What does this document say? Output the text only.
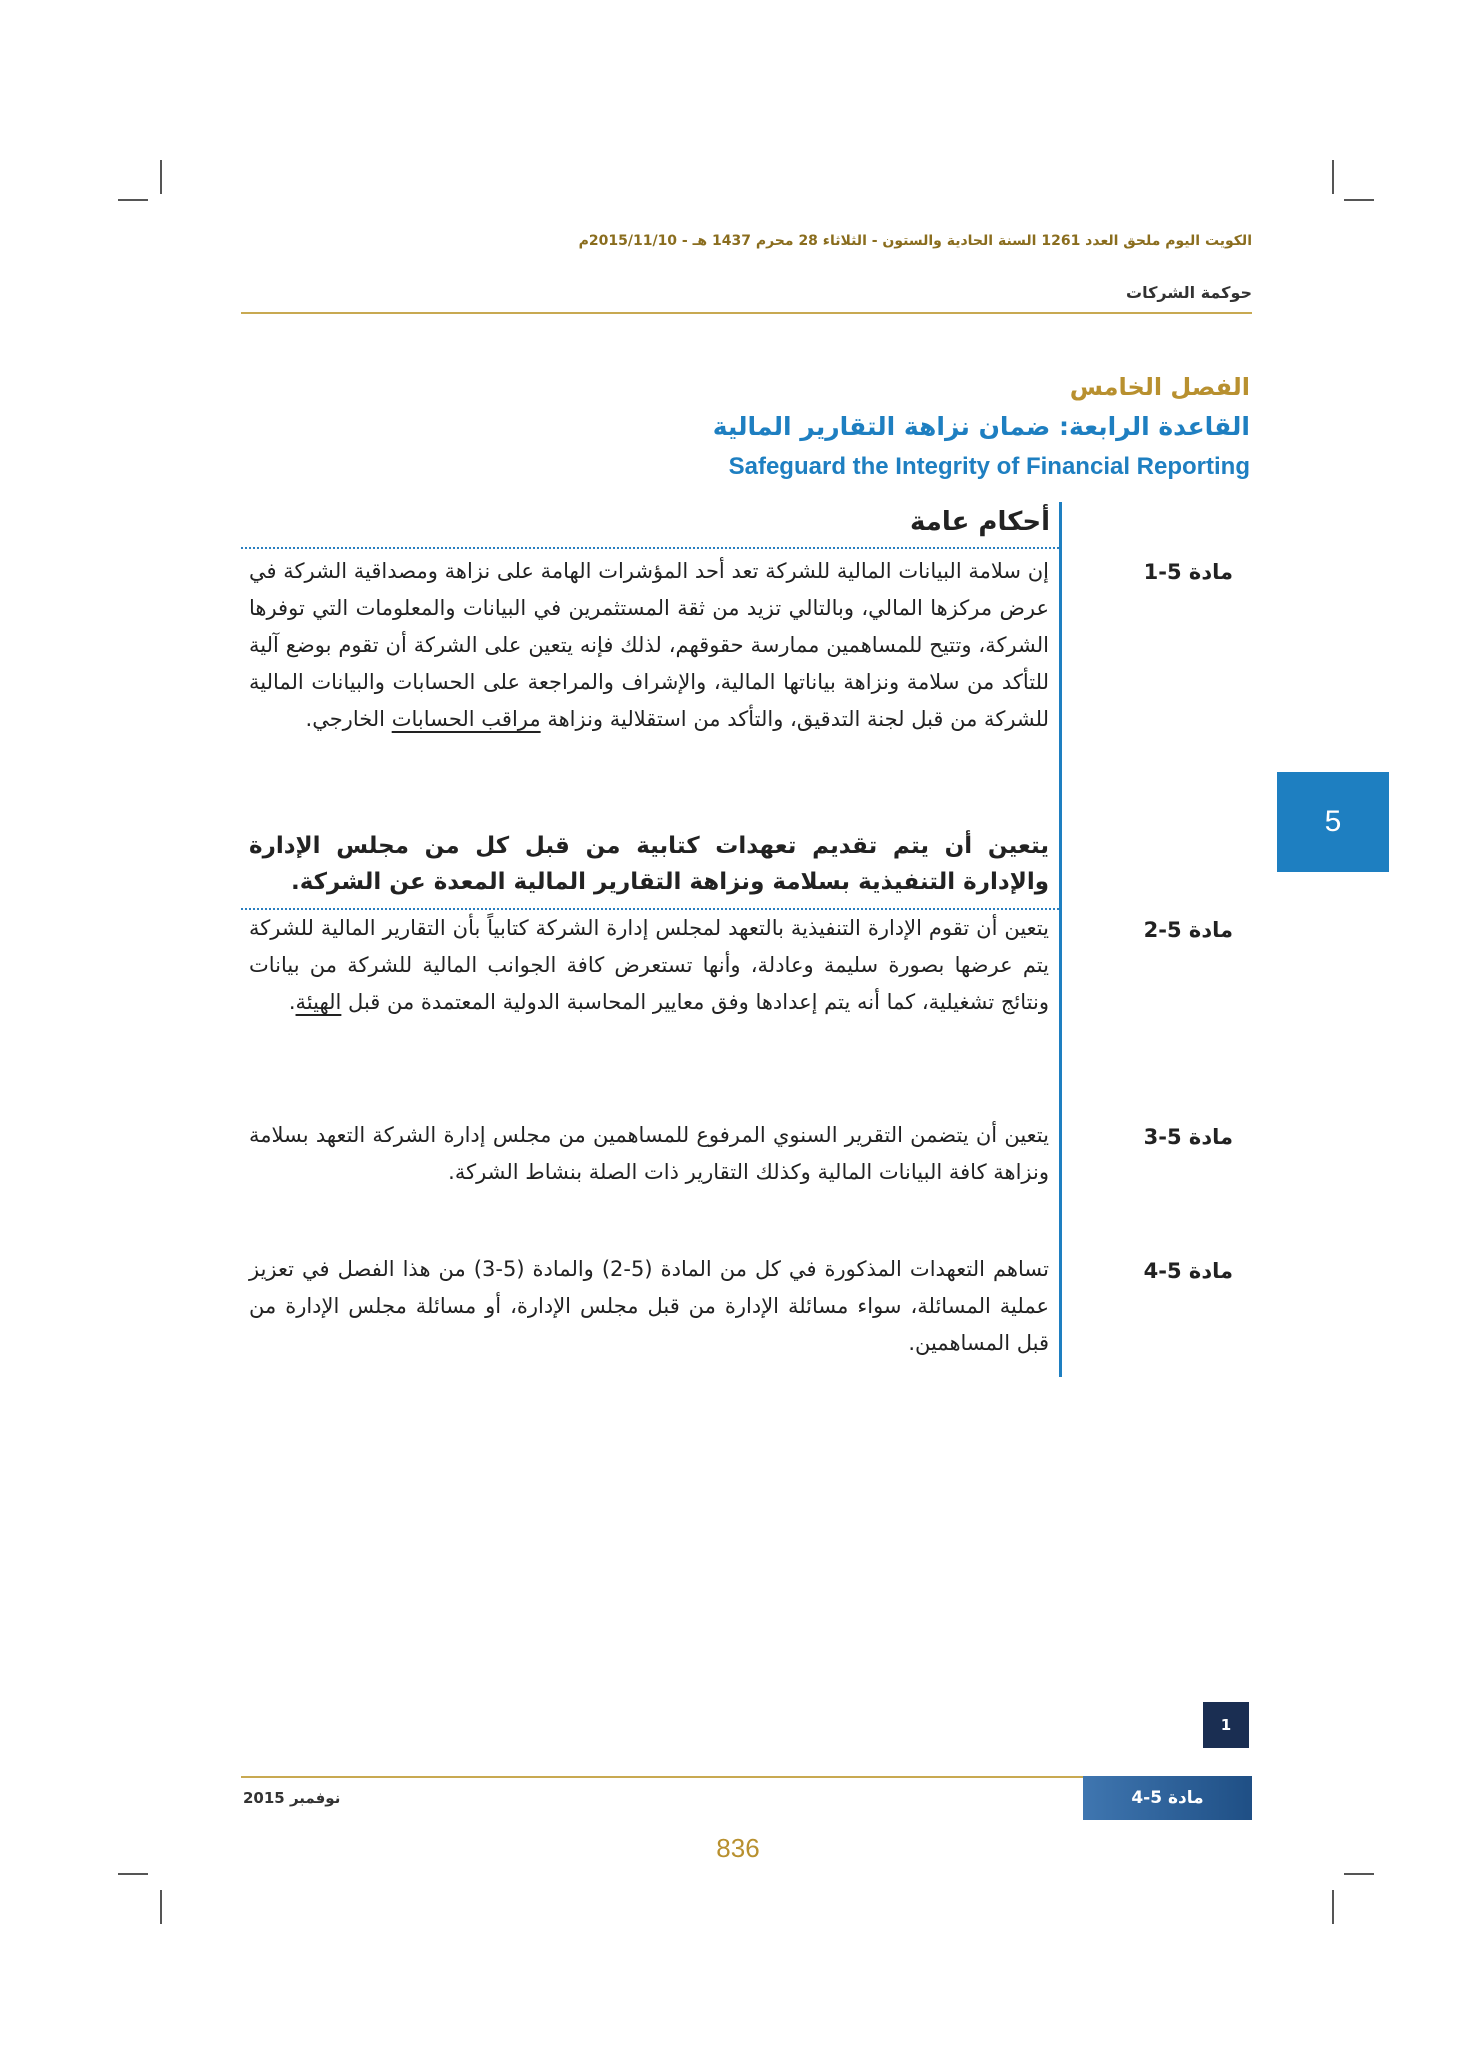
الكويت اليوم ملحق العدد 1261 السنة الحادية والستون - الثلاثاء 28 محرم 1437 هـ - 2015/11/10م
حوكمة الشركات
الفصل الخامس
القاعدة الرابعة: ضمان نزاهة التقارير المالية
Safeguard the Integrity of Financial Reporting
أحكام عامة
مادة 5-1
إن سلامة البيانات المالية للشركة تعد أحد المؤشرات الهامة على نزاهة ومصداقية الشركة في عرض مركزها المالي، وبالتالي تزيد من ثقة المستثمرين في البيانات والمعلومات التي توفرها الشركة، وتتيح للمساهمين ممارسة حقوقهم، لذلك فإنه يتعين على الشركة أن تقوم بوضع آلية للتأكد من سلامة ونزاهة بياناتها المالية، والإشراف والمراجعة على الحسابات والبيانات المالية للشركة من قبل لجنة التدقيق، والتأكد من استقلالية ونزاهة مراقب الحسابات الخارجي.
5
يتعين أن يتم تقديم تعهدات كتابية من قبل كل من مجلس الإدارة والإدارة التنفيذية بسلامة ونزاهة التقارير المالية المعدة عن الشركة.
مادة 5-2
يتعين أن تقوم الإدارة التنفيذية بالتعهد لمجلس إدارة الشركة كتابياً بأن التقارير المالية للشركة يتم عرضها بصورة سليمة وعادلة، وأنها تستعرض كافة الجوانب المالية للشركة من بيانات ونتائج تشغيلية، كما أنه يتم إعدادها وفق معايير المحاسبة الدولية المعتمدة من قبل الهيئة.
مادة 5-3
يتعين أن يتضمن التقرير السنوي المرفوع للمساهمين من مجلس إدارة الشركة التعهد بسلامة ونزاهة كافة البيانات المالية وكذلك التقارير ذات الصلة بنشاط الشركة.
مادة 5-4
تساهم التعهدات المذكورة في كل من المادة (5-2) والمادة (5-3) من هذا الفصل في تعزيز عملية المسائلة، سواء مسائلة الإدارة من قبل مجلس الإدارة، أو مسائلة مجلس الإدارة من قبل المساهمين.
1
نوفمبر 2015	مادة 5-4
836
